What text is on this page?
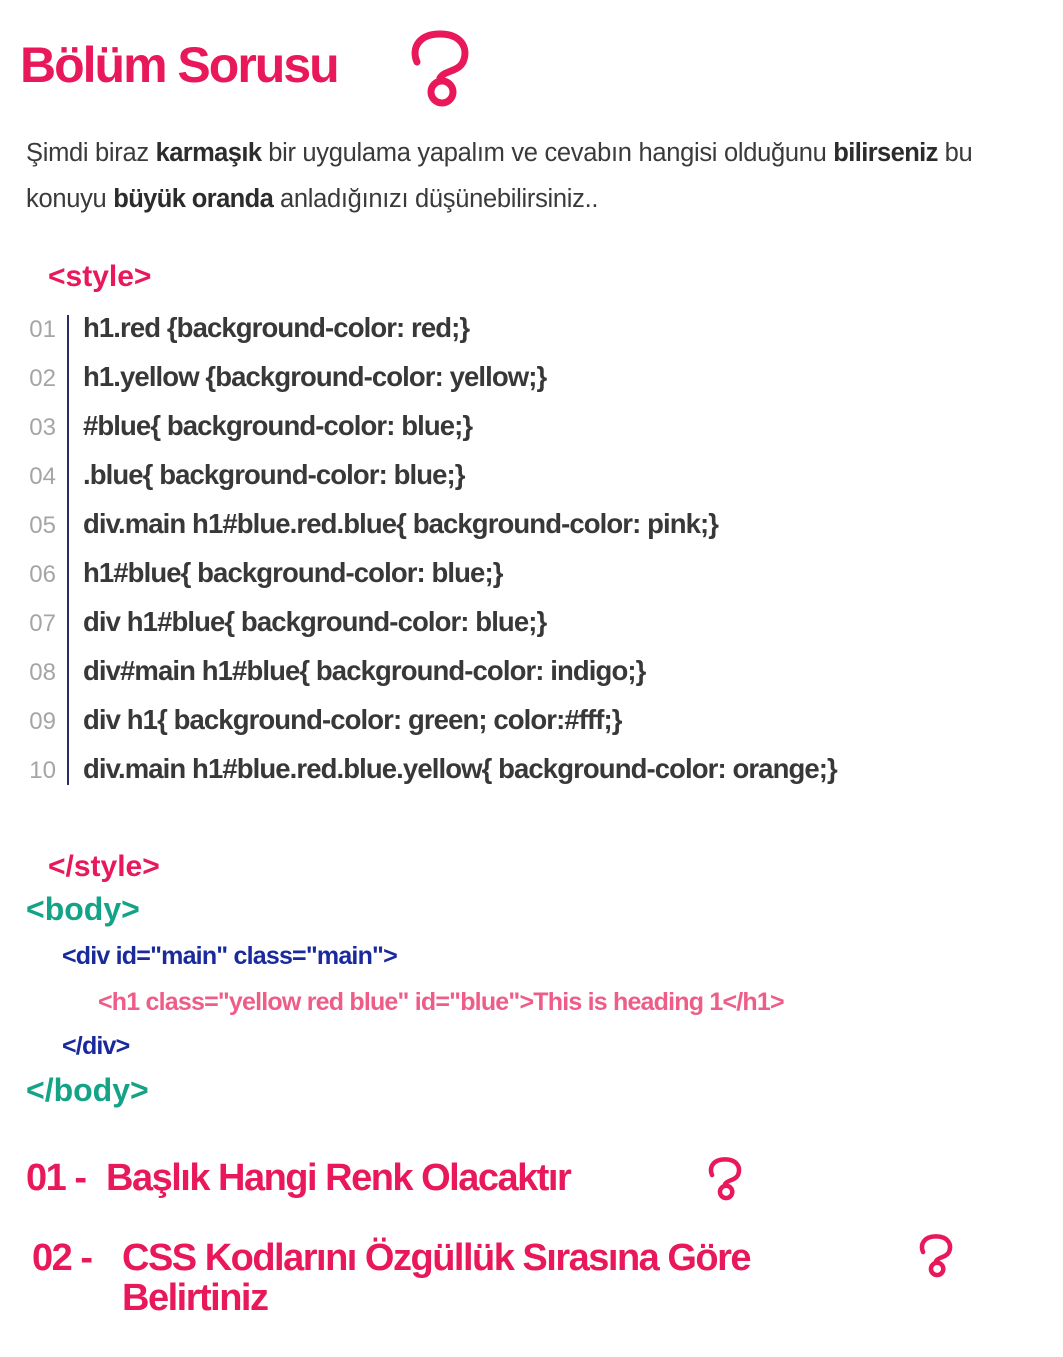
Bölüm Sorusu

Şimdi biraz karmaşık bir uygulama yapalım ve cevabın hangisi olduğunu bilirseniz bu konuyu büyük oranda anladığınızı düşünebilirsiniz..

<style>
01 h1.red {background-color: red;}
02 h1.yellow {background-color: yellow;}
03 #blue{ background-color: blue;}
04 .blue{ background-color: blue;}
05 div.main h1#blue.red.blue{ background-color: pink;}
06 h1#blue{ background-color: blue;}
07 div h1#blue{ background-color: blue;}
08 div#main h1#blue{ background-color: indigo;}
09 div h1{ background-color: green; color:#fff;}
10 div.main h1#blue.red.blue.yellow{ background-color: orange;}
</style>
<body>
<div id="main" class="main">
<h1 class="yellow red blue" id="blue">This is heading 1</h1>
</div>
</body>
01 - Başlık Hangi Renk Olacaktır
02 - CSS Kodlarını Özgüllük Sırasına Göre
Belirtiniz
